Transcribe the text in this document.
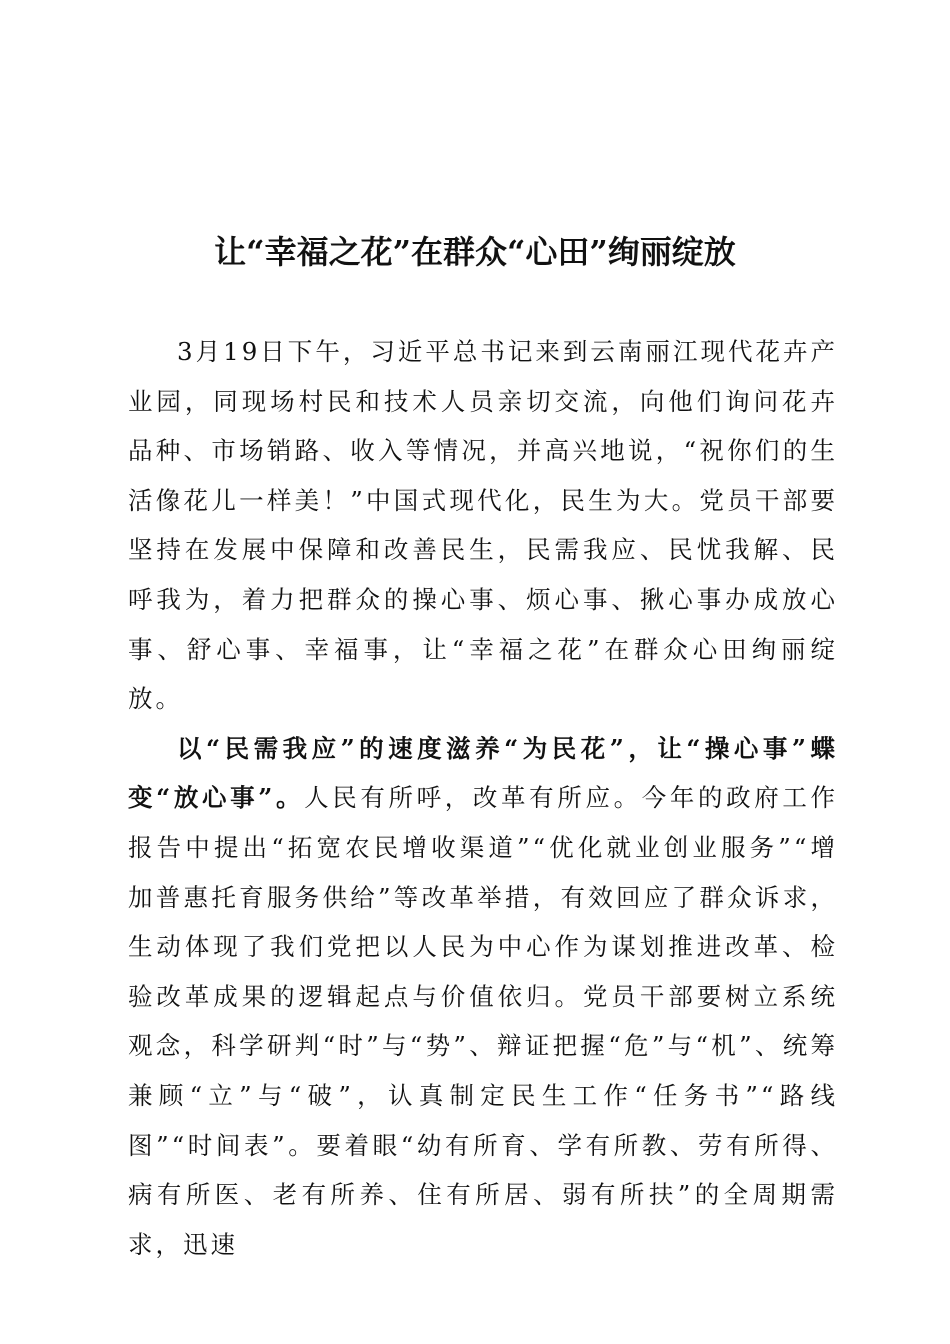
让“幸福之花”在群众“心田”绚丽绽放

3月19日下午，习近平总书记来到云南丽江现代花卉产业园，同现场村民和技术人员亲切交流，向他们询问花卉品种、市场销路、收入等情况，并高兴地说，“祝你们的生活像花儿一样美！”中国式现代化，民生为大。党员干部要坚持在发展中保障和改善民生，民需我应、民忧我解、民呼我为，着力把群众的操心事、烦心事、揪心事办成放心事、舒心事、幸福事，让“幸福之花”在群众心田绚丽绽放。

以“民需我应”的速度滋养“为民花”，让“操心事”蝶变“放心事”。人民有所呼，改革有所应。今年的政府工作报告中提出“拓宽农民增收渠道”“优化就业创业服务”“增加普惠托育服务供给”等改革举措，有效回应了群众诉求，生动体现了我们党把以人民为中心作为谋划推进改革、检验改革成果的逻辑起点与价值依归。党员干部要树立系统观念，科学研判“时”与“势”、辩证把握“危”与“机”、统筹兼顾“立”与“破”，认真制定民生工作“任务书”“路线图”“时间表”。要着眼“幼有所育、学有所教、劳有所得、病有所医、老有所养、住有所居、弱有所扶”的全周期需求，迅速
